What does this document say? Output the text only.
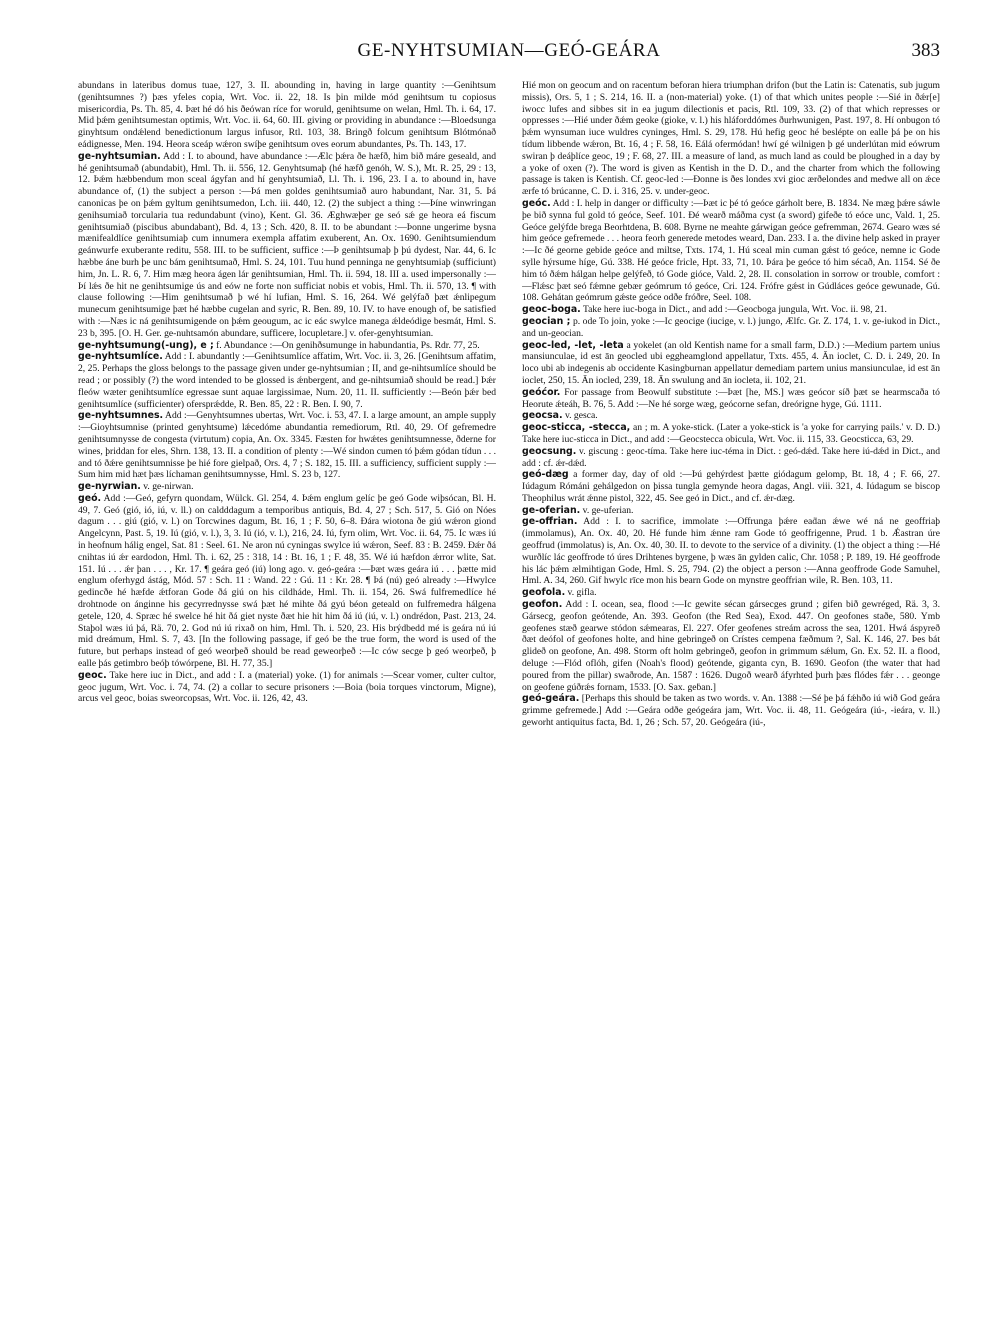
GE-NYHTSUMIAN—GEÓ-GEÁRA	383

abundans in lateribus domus tuae, 127, 3. II. abounding in, having in large quantity :—Genihtsum (genihtsumnes ?) þæs yfeles copia, Wrt. Voc. ii. 22, 18. Is þin milde mód genihtsum tu copiosus misericordia, Ps. Th. 85, 4. Þæt hé dó his ðeówan ríce for woruld, genihtsume on welan, Hml. Th. i. 64, 17. Mid þǽm genihtsumestan optimis, Wrt. Voc. ii. 64, 60. III. giving or providing in abundance :—Bloedsunga ginyhtsum ondǽlend benedictionum largus infusor, Rtl. 103, 38. Bringð folcum genihtsum Blótmónað eádignesse, Men. 194. Heora sceáp wǽron swíþe genihtsum oves eorum abundantes, Ps. Th. 143, 17.

ge-nyhtsumian. Add : I. to abound, have abundance :—Ælc þǽra ðe hæfð, him bið máre geseald, and hé genihtsumað (abundabit), Hml. Th. ii. 556, 12. Genyhtsumaþ (hé hæfð genóh, W. S.), Mt. R. 25, 29 : 13, 12. Þǽm hæbbendum mon sceal ágyfan and hí genyhtsumiað, Ll. Th. i. 196, 23. I a. to abound in, have abundance of, (1) the subject a person :—Þá men goldes genihtsumiað auro habundant, Nar. 31, 5. Þá canonicas þe on þǽm gyltum genihtsumedon, Lch. iii. 440, 12. (2) the subject a thing :—Þíne winwringan genihsumiað torcularia tua redundabunt (vino), Kent. Gl. 36. Æghwæþer ge seó sǽ ge heora eá fiscum genihtsumiað (piscibus abundabant), Bd. 4, 13 ; Sch. 420, 8. II. to be abundant :—Þonne ungerime bysna mænifealdlíce genihtsumiaþ cum innumera exempla affatim exuberent, An. Ox. 1690. Genihtsumiendum geánwurfe exuberante reditu, 558. III. to be sufficient, suffice :—Þ genihtsumaþ þ þú dydest, Nar. 44, 6. Ic hæbbe áne burh þe unc bám genihtsumað, Hml. S. 24, 101. Tuu hund penninga ne genyhtsumiaþ (sufficiunt) him, Jn. L. R. 6, 7. Him mæg heora ágen lár genihtsumian, Hml. Th. ii. 594, 18. III a. used impersonally :—Þí lǽs ðe hit ne genihtsumige ús and eów ne forte non sufficiat nobis et vobis, Hml. Th. ii. 570, 13. ¶ with clause following :—Him genihtsumað þ wé hí lufian, Hml. S. 16, 264. Wé gelýfað þæt ǽnlipegum munecum genihtsumige þæt hé hæbbe cugelan and syric, R. Ben. 89, 10. IV. to have enough of, be satisfied with :—Næs ic ná genihtsumigende on þǽm geougum, ac ic eác swylce manega ǽldeódige besmát, Hml. S. 23 b, 395. [O. H. Ger. ge-nuhtsamón abundare, sufficere, locupletare.] v. ofer-genyhtsumian.

ge-nyhtsumung(-ung), e ; f. Abundance :—On genihðsumunge in habundantia, Ps. Rdr. 77, 25.

ge-nyhtsumlíce. Add : I. abundantly :—Genihtsumlíce affatim, Wrt. Voc. ii. 3, 26. [Genihtsum affatim, 2, 25. Perhaps the gloss belongs to the passage given under ge-nyhtsumian ; II, and ge-nihtsumlíce should be read ; or possibly (?) the word intended to be glossed is ǽnbergent, and ge-nihtsumiað should be read.] Þǽr fleów wæter genihtsumlíce egressae sunt aquae largissimae, Num. 20, 11. II. sufficiently :—Beón þǽr bed genihtsumlíce (sufficienter) ofersprǽdde, R. Ben. 85, 22 : R. Ben. I. 90, 7.

ge-nyhtsumnes. Add :—Genyhtsumnes ubertas, Wrt. Voc. i. 53, 47. I. a large amount, an ample supply :—Gioyhtsumnise (printed genyhtsume) lǽcedóme abundantia remediorum, Rtl. 40, 29. Of gefremedre genihtsumnysse de congesta (virtutum) copia, An. Ox. 3345. Fæsten for hwǽtes genihtsumnesse, ðderne for wines, þriddan for eles, Shrn. 138, 13. II. a condition of plenty :—Wé sindon cumen tó þǽm gódan tídun . . . and tó ðǽre genihtsumnisse þe hié fore gielpað, Ors. 4, 7 ; S. 182, 15. III. a sufficiency, sufficient supply :—Sum him mid hæt þæs líchaman genihtsumnysse, Hml. S. 23 b, 127.

ge-nyrwian. v. ge-nirwan.

geó. Add :—Geó, gefyrn quondam, Wülck. Gl. 254, 4. Þǽm englum gelíc þe geó Gode wiþsócan, Bl. H. 49, 7. Geó (gió, ió, iú, v. ll.) on caldddagum a temporibus antiquis, Bd. 4, 27 ; Sch. 517, 5. Gió on Nóes dagum . . . giú (gió, v. l.) on Torcwines dagum, Bt. 16, 1 ; F. 50, 6–8. Ðára wiotona ðe giú wǽron giond Angelcynn, Past. 5, 19. Iú (gió, v. l.), 3, 3. Iú (ió, v. l.), 216, 24. Iú, fyrn olim, Wrt. Voc. ii. 64, 75. Ic wæs iú in heofnum hálig engel, Sat. 81 : Seel. 61. Ne aron nú cyningas swylce iú wǽron, Seef. 83 : B. 2459. Ðǽr ðá cnihtas iú ǽr eardodon, Hml. Th. i. 62, 25 : 318, 14 : Bt. 16, 1 ; F. 48, 35. Wé iú hæfdon ǽrror wlite, Sat. 151. Iú . . . ǽr þan . . . , Kr. 17. ¶ geára geó (iú) long ago. v. geó-geára :—Þæt wæs geára iú . . . þætte mid englum oferhygd ástág, Mód. 57 : Sch. 11 : Wand. 22 : Gú. 11 : Kr. 28. ¶ Þá (nú) geó already :—Hwylce gedincðe hé hæfde ǽtforan Gode ðá giú on his cildháde, Hml. Th. ii. 154, 26. Swá fulfremedlíce hé drohtnode on ánginne his gecyrrednysse swá þæt hé mihte ðá gyú béon geteald on fulfremedra hálgena getele, 120, 4. Spræc hé swelce hé hit ðá giet nyste ðæt hie hit him ðá iú (iú, v. l.) ondrédon, Past. 213, 24. Staþol wæs iú þá, Rä. 70, 2. God nú iú rixað on him, Hml. Th. i. 520, 23. His brýdbedd mé is geára nú iú mid dreámum, Hml. S. 7, 43. [In the following passage, if geó be the true form, the word is used of the future, but perhaps instead of geó weorþeð should be read geweorþeð :—Ic ców secge þ geó weorþeð, þ ealle þás getimbro beóþ tówórpene, Bl. H. 77, 35.]

geoc. Take here iuc in Dict., and add : I. a (material) yoke. (1) for animals :—Scear vomer, culter cultor, geoc jugum, Wrt. Voc. i. 74, 74. (2) a collar to secure prisoners :—Boia (boia torques vinctorum, Migne), arcus vel geoc, boias sweorcopsas, Wrt. Voc. ii. 126, 42, 43.

Hié mon on geocum and on racentum beforan hiera triumphan drifon (but the Latin is: Catenatis, sub jugum missis), Ors. 5, 1 ; S. 214, 16. II. a (non-material) yoke. (1) of that which unites people :—Sié in ðǽr[e] iwocc lufes and sibbes sit in ea jugum dilectionis et pacis, Rtl. 109, 33. (2) of that which represses or oppresses :—Hié under ðǽm geoke (gioke, v. l.) his hláforddómes ðurhwunigen, Past. 197, 8. Hí onbugon tó þǽm wynsuman iuce wuldres cyninges, Hml. S. 29, 178. Hú hefig geoc hé beslépte on ealle þá þe on his tídum libbende wǽron, Bt. 16, 4 ; F. 58, 16. Eálá ofermódan! hwí gé wilnigen þ gé underlútan mid eówrum swiran þ deáþlíce geoc, 19 ; F. 68, 27. III. a measure of land, as much land as could be ploughed in a day by a yoke of oxen (?). The word is given as Kentish in the D. D., and the charter from which the following passage is taken is Kentish. Cf. geoc-led :—Ðonne is ðes londes xvi gioc ærðelondes and medwe all on ǽce ærfe tó brúcanne, C. D. i. 316, 25. v. under-geoc.

geóc. Add : I. help in danger or difficulty :—Þæt ic þé tó geóce gárholt bere, B. 1834. Ne mæg þǽre sáwle þe bið synna ful gold tó geóce, Seef. 101. Ðé wearð máðma cyst (a sword) gifeðe tó eóce unc, Vald. 1, 25. Geóce gelýfde brega Beorhtdena, B. 608. Byrne ne meahte gárwigan geóce gefremman, 2674. Gearo wæs sé him geóce gefremede . . . heora feorh generede metodes weard, Dan. 233. I a. the divine help asked in prayer :—Ic ðé georne gebide geóce and miltse, Txts. 174, 1. Hú sceal min cuman gǽst tó geóce, nemne ic Gode sylle hýrsume híge, Gú. 338. Hé geóce fricle, Hpt. 33, 71, 10. Þára þe geóce tó him sécað, An. 1154. Sé ðe him tó ðǽm hálgan helpe gelýfeð, tó Gode gióce, Vald. 2, 28. II. consolation in sorrow or trouble, comfort :—Flǽsc þæt seó fǽmne gebær geómrum tó geóce, Cri. 124. Frófre gǽst in Gúdláces geóce gewunade, Gú. 108. Gehátan geómrum gǽste geóce odðe fróðre, Seel. 108.

geoc-boga. Take here iuc-boga in Dict., and add :—Geocboga jungula, Wrt. Voc. ii. 98, 21.

geocian ; p. ode To join, yoke :—Ic geocige (iucige, v. l.) jungo, Ælfc. Gr. Z. 174, 1. v. ge-iukod in Dict., and un-geocian.

geoc-led, -let, -leta a yokelet (an old Kentish name for a small farm, D.D.) :—Medium partem unius mansiunculae, id est ān geocled ubi eggheamglond appellatur, Txts. 455, 4. Ān ioclet, C. D. i. 249, 20. In loco ubi ab indegenis ab occidente Kasingburnan appellatur demediam partem unius mansiunculae, id est ān ioclet, 250, 15. Ān iocled, 239, 18. Ān swulung and ān iocleta, ii. 102, 21.

geóćor. For passage from Beowulf substitute :—Þæt [he, MS.] wæs geócor síð þæt se hearmscaða tó Heorute ǽteáh, B. 76, 5. Add :—Ne hé sorge wæg, geócorne sefan, dreórigne hyge, Gú. 1111.

geocsa. v. gesca.

geoc-sticca, -stecca, an ; m. A yoke-stick. (Later a yoke-stick is 'a yoke for carrying pails.' v. D. D.) Take here iuc-sticca in Dict., and add :—Geocstecca obicula, Wrt. Voc. ii. 115, 33. Geocsticca, 63, 29.

geocsung. v. giscung : geoc-tíma. Take here iuc-téma in Dict. : geó-dǽd. Take here iú-dǽd in Dict., and add : cf. ǽr-dǽd.

geó-dæg a former day, day of old :—Þú gehýrdest þætte giódagum gelomp, Bt. 18, 4 ; F. 66, 27. Iúdagum Rómáni gehálgedon on þissa tungla gemynde heora dagas, Angl. viii. 321, 4. Iúdagum se biscop Theophilus wrát ǽnne pistol, 322, 45. See geó in Dict., and cf. ǽr-dæg.

ge-oferian. v. ge-uferian.

ge-offrian. Add : I. to sacrifice, immolate :—Offrunga þǽre eaḋan ǽwe wé ná ne geoffriaþ (immolamus), An. Ox. 40, 20. Hé funde him ǽnne ram Gode tó geoffrigenne, Prud. 1 b. Ǽastran úre geoffrud (immolatus) is, An. Ox. 40, 30. II. to devote to the service of a divinity. (1) the object a thing :—Hé wurðlíc lác geoffrode tó úres Drihtenes byrgene, þ wæs ān gylden calic, Chr. 1058 ; P. 189, 19. Hé geoffrode his lác þǽm ælmihtigan Gode, Hml. S. 25, 794. (2) the object a person :—Anna geoffrode Gode Samuhel, Hml. A. 34, 260. Gif hwylc rīce mon his bearn Gode on mynstre geoffrian wile, R. Ben. 103, 11.

geofola. v. gifla.

geofon. Add : I. ocean, sea, flood :—Ic gewite sécan gársecges grund ; gifen bið gewréged, Rä. 3, 3. Gársecg, geofon geótende, An. 393. Geofon (the Red Sea), Exod. 447. On geofones staðe, 580. Ymb geofenes stæð gearwe stódon sǽmearas, El. 227. Ofer geofenes streám across the sea, 1201. Hwá áspyreð ðæt deófol of geofones holte, and hine gebringeð on Crístes cempena fæðmum ?, Sal. K. 146, 27. Þes bát glideð on geofone, An. 498. Storm oft holm gebringeð, geofon in grimmum sǽlum, Gn. Ex. 52. II. a flood, deluge :—Flód oflóh, gifen (Noah's flood) geótende, giganta cyn, B. 1690. Geofon (the water that had poured from the pillar) swaðrode, An. 1587 : 1626. Dugoð wearð áfyrhted þurh þæs flódes fǽr . . . geonge on geofene gúðrǽs fornam, 1533. [O. Sax. geḃan.]

geó-geára. [Perhaps this should be taken as two words. v. An. 1388 :—Sé þe þá fǽhðo iú wið God geára grimme gefremede.] Add :—Geára odðe geógeára jam, Wrt. Voc. ii. 48, 11. Geógeára (iú-, -ieára, v. ll.) geworht antiquitus facta, Bd. 1, 26 ; Sch. 57, 20. Geógeára (iú-,
